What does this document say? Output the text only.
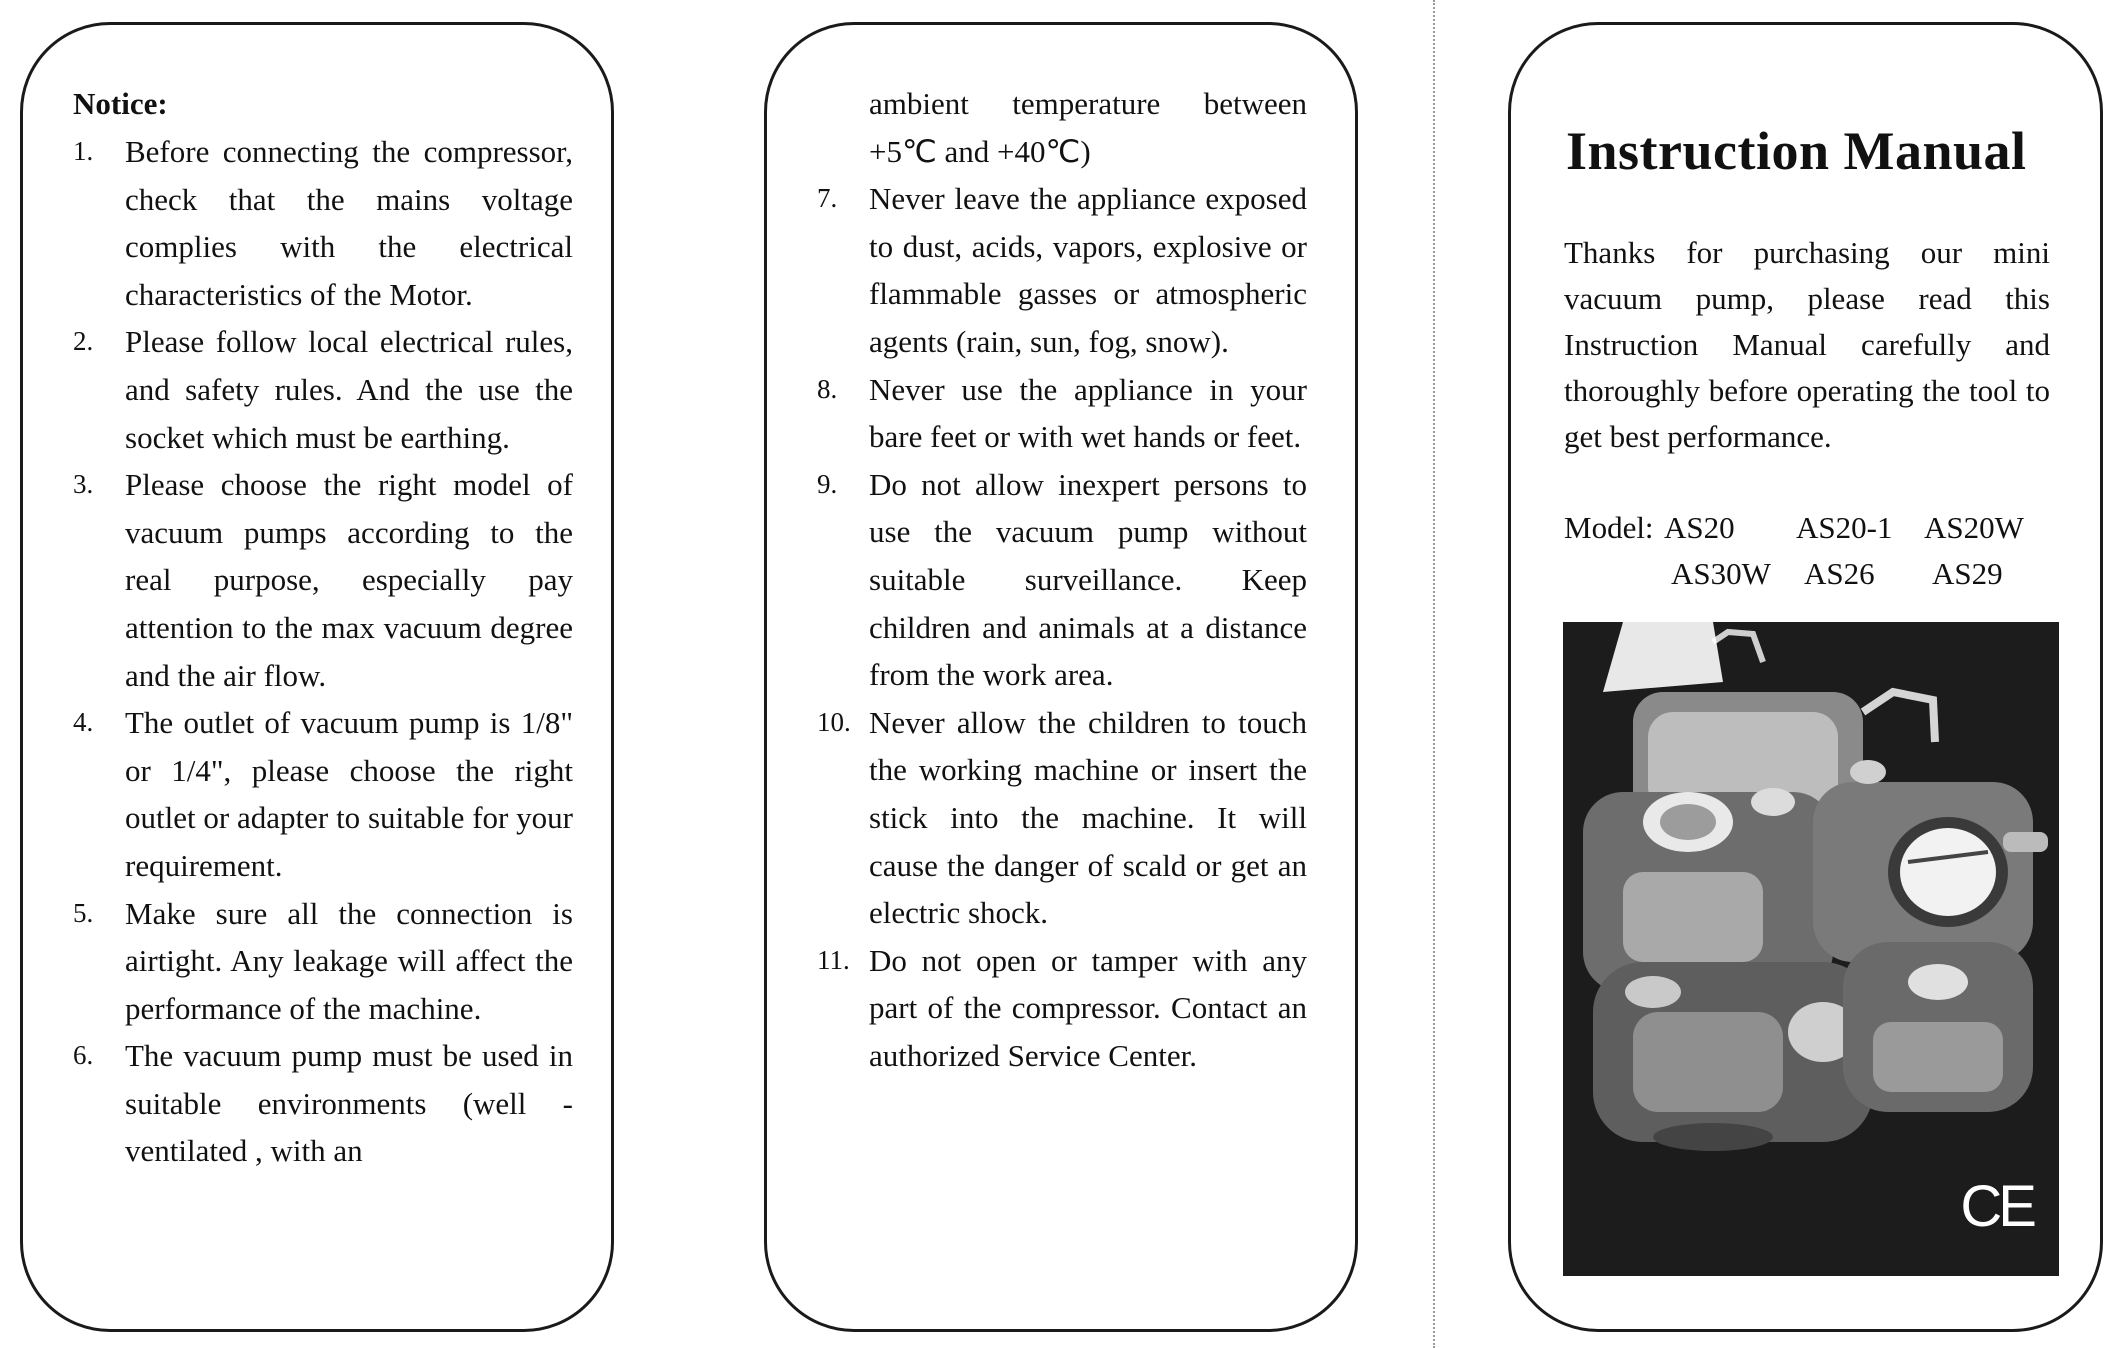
Notice:
1. Before connecting the compressor, check that the mains voltage complies with the electrical characteristics of the Motor.
2. Please follow local electrical rules, and safety rules. And the use the socket which must be earthing.
3. Please choose the right model of vacuum pumps according to the real purpose, especially pay attention to the max vacuum degree and the air flow.
4. The outlet of vacuum pump is 1/8" or 1/4", please choose the right outlet or adapter to suitable for your requirement.
5. Make sure all the connection is airtight. Any leakage will affect the performance of the machine.
6. The vacuum pump must be used in suitable environments (well - ventilated , with an
ambient temperature between +5℃ and +40℃)
7. Never leave the appliance exposed to dust, acids, vapors, explosive or flammable gasses or atmospheric agents (rain, sun, fog, snow).
8. Never use the appliance in your bare feet or with wet hands or feet.
9. Do not allow inexpert persons to use the vacuum pump without suitable surveillance. Keep children and animals at a distance from the work area.
10. Never allow the children to touch the working machine or insert the stick into the machine. It will cause the danger of scald or get an electric shock.
11. Do not open or tamper with any part of the compressor. Contact an authorized Service Center.
Instruction Manual
Thanks for purchasing our mini vacuum pump, please read this Instruction Manual carefully and thoroughly before operating the tool to get best performance.
Model: AS20 AS20-1 AS20W
AS30W AS26 AS29
CE
